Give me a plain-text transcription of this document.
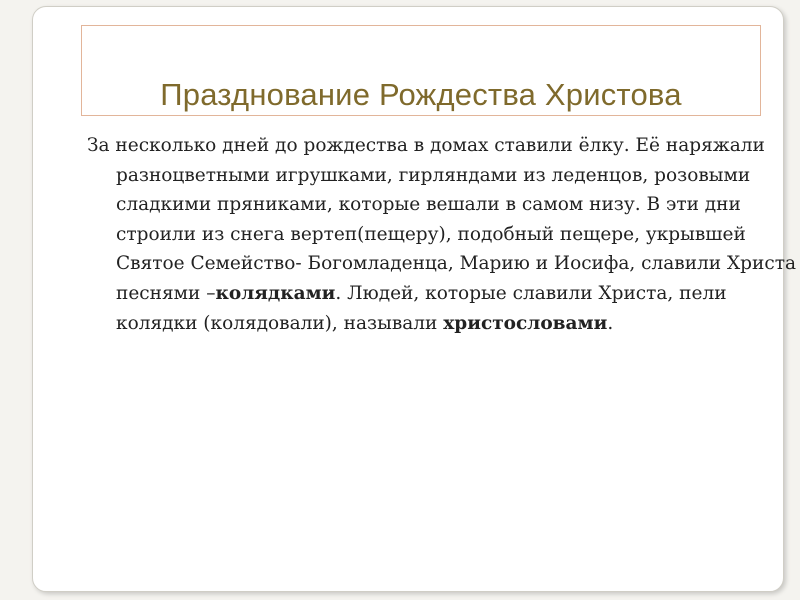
Празднование Рождества Христова

За несколько дней до рождества в домах ставили ёлку. Её наряжали разноцветными игрушками, гирляндами из леденцов, розовыми сладкими пряниками, которые вешали в самом низу. В эти дни строили из снега вертеп(пещеру), подобный пещере, укрывшей Святое Семейство- Богомладенца, Марию и Иосифа, славили Христа песнями –колядками. Людей, которые славили Христа, пели колядки (колядовали), называли христословами.
